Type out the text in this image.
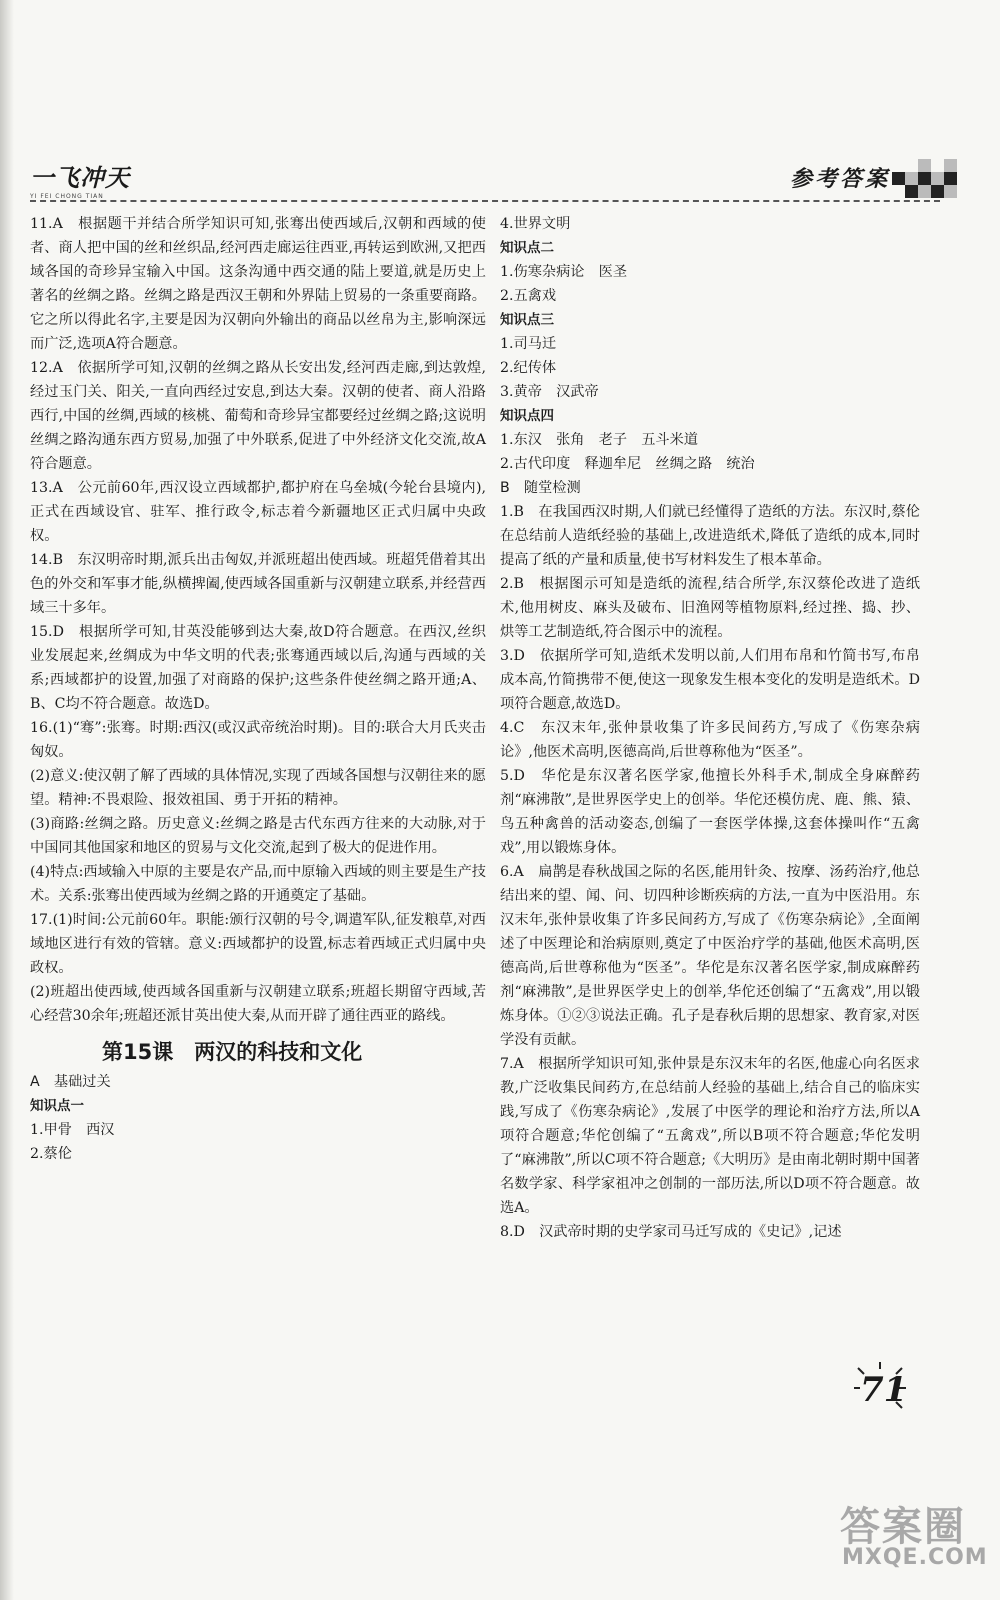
一飞冲天
YI FEI CHONG TIAN
参考答案

11.A　根据题干并结合所学知识可知,张骞出使西域后,汉朝和西域的使者、商人把中国的丝和丝织品,经河西走廊运往西亚,再转运到欧洲,又把西域各国的奇珍异宝输入中国。这条沟通中西交通的陆上要道,就是历史上著名的丝绸之路。丝绸之路是西汉王朝和外界陆上贸易的一条重要商路。它之所以得此名字,主要是因为汉朝向外输出的商品以丝帛为主,影响深远而广泛,选项A符合题意。

12.A　依据所学可知,汉朝的丝绸之路从长安出发,经河西走廊,到达敦煌,经过玉门关、阳关,一直向西经过安息,到达大秦。汉朝的使者、商人沿路西行,中国的丝绸,西域的核桃、葡萄和奇珍异宝都要经过丝绸之路;这说明丝绸之路沟通东西方贸易,加强了中外联系,促进了中外经济文化交流,故A符合题意。

13.A　公元前60年,西汉设立西域都护,都护府在乌垒城(今轮台县境内),正式在西域设官、驻军、推行政令,标志着今新疆地区正式归属中央政权。

14.B　东汉明帝时期,派兵出击匈奴,并派班超出使西域。班超凭借着其出色的外交和军事才能,纵横捭阖,使西域各国重新与汉朝建立联系,并经营西域三十多年。

15.D　根据所学可知,甘英没能够到达大秦,故D符合题意。在西汉,丝织业发展起来,丝绸成为中华文明的代表;张骞通西域以后,沟通与西域的关系;西域都护的设置,加强了对商路的保护;这些条件使丝绸之路开通;A、B、C均不符合题意。故选D。

16.(1)“骞”:张骞。时期:西汉(或汉武帝统治时期)。目的:联合大月氏夹击匈奴。

(2)意义:使汉朝了解了西域的具体情况,实现了西域各国想与汉朝往来的愿望。精神:不畏艰险、报效祖国、勇于开拓的精神。

(3)商路:丝绸之路。历史意义:丝绸之路是古代东西方往来的大动脉,对于中国同其他国家和地区的贸易与文化交流,起到了极大的促进作用。

(4)特点:西域输入中原的主要是农产品,而中原输入西域的则主要是生产技术。关系:张骞出使西域为丝绸之路的开通奠定了基础。

17.(1)时间:公元前60年。职能:颁行汉朝的号令,调遣军队,征发粮草,对西域地区进行有效的管辖。意义:西域都护的设置,标志着西域正式归属中央政权。

(2)班超出使西域,使西域各国重新与汉朝建立联系;班超长期留守西域,苦心经营30余年;班超还派甘英出使大秦,从而开辟了通往西亚的路线。

第15课　两汉的科技和文化

A　基础过关

知识点一

1.甲骨　西汉

2.蔡伦

4.世界文明

知识点二

1.伤寒杂病论　医圣

2.五禽戏

知识点三

1.司马迁

2.纪传体

3.黄帝　汉武帝

知识点四

1.东汉　张角　老子　五斗米道

2.古代印度　释迦牟尼　丝绸之路　统治

B　随堂检测

1.B　在我国西汉时期,人们就已经懂得了造纸的方法。东汉时,蔡伦在总结前人造纸经验的基础上,改进造纸术,降低了造纸的成本,同时提高了纸的产量和质量,使书写材料发生了根本革命。

2.B　根据图示可知是造纸的流程,结合所学,东汉蔡伦改进了造纸术,他用树皮、麻头及破布、旧渔网等植物原料,经过挫、捣、抄、烘等工艺制造纸,符合图示中的流程。

3.D　依据所学可知,造纸术发明以前,人们用布帛和竹简书写,布帛成本高,竹简携带不便,使这一现象发生根本变化的发明是造纸术。D项符合题意,故选D。

4.C　东汉末年,张仲景收集了许多民间药方,写成了《伤寒杂病论》,他医术高明,医德高尚,后世尊称他为“医圣”。

5.D　华佗是东汉著名医学家,他擅长外科手术,制成全身麻醉药剂“麻沸散”,是世界医学史上的创举。华佗还模仿虎、鹿、熊、猿、鸟五种禽兽的活动姿态,创编了一套医学体操,这套体操叫作“五禽戏”,用以锻炼身体。

6.A　扁鹊是春秋战国之际的名医,能用针灸、按摩、汤药治疗,他总结出来的望、闻、问、切四种诊断疾病的方法,一直为中医沿用。东汉末年,张仲景收集了许多民间药方,写成了《伤寒杂病论》,全面阐述了中医理论和治病原则,奠定了中医治疗学的基础,他医术高明,医德高尚,后世尊称他为“医圣”。华佗是东汉著名医学家,制成麻醉药剂“麻沸散”,是世界医学史上的创举,华佗还创编了“五禽戏”,用以锻炼身体。①②③说法正确。孔子是春秋后期的思想家、教育家,对医学没有贡献。

7.A　根据所学知识可知,张仲景是东汉末年的名医,他虚心向名医求教,广泛收集民间药方,在总结前人经验的基础上,结合自己的临床实践,写成了《伤寒杂病论》,发展了中医学的理论和治疗方法,所以A项符合题意;华佗创编了“五禽戏”,所以B项不符合题意;华佗发明了“麻沸散”,所以C项不符合题意;《大明历》是由南北朝时期中国著名数学家、科学家祖冲之创制的一部历法,所以D项不符合题意。故选A。

8.D　汉武帝时期的史学家司马迁写成的《史记》,记述

71
答案圈
MXQE.COM
